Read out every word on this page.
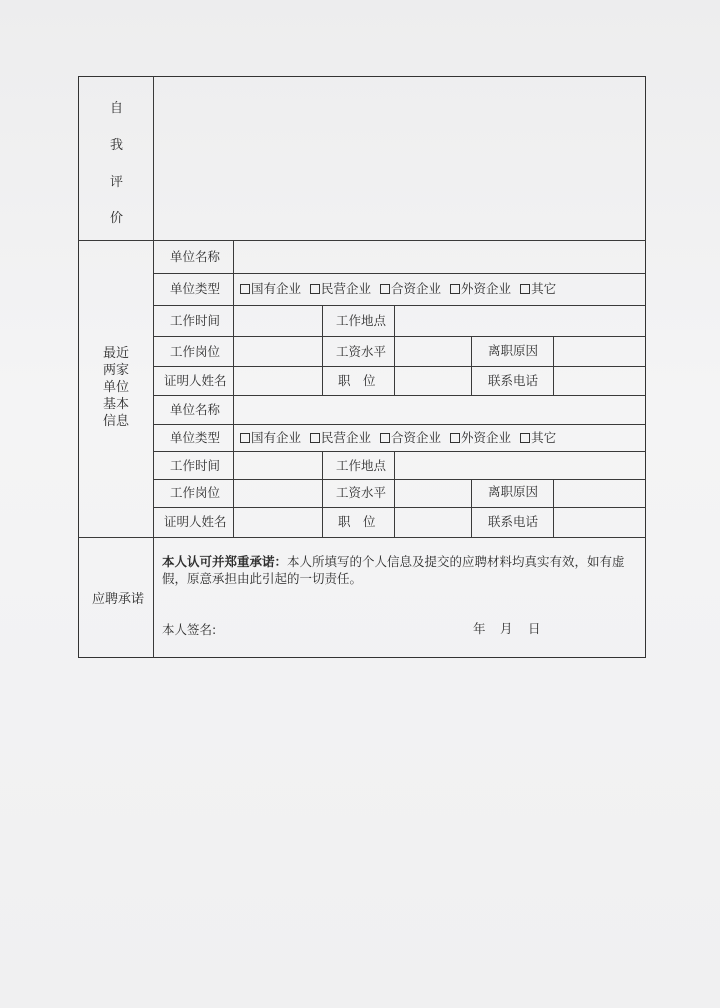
自
我
评
价
最近
两家
单位
基本
信息
单位名称
单位类型	国有企业 民营企业 合资企业 外资企业 其它
工作时间	工作地点
工作岗位	工资水平	离职原因
证明人姓名	职　位	联系电话
单位名称
单位类型	国有企业 民营企业 合资企业 外资企业 其它
工作时间	工作地点
工作岗位	工资水平	离职原因
证明人姓名	职　位	联系电话
应聘承诺
本人认可并郑重承诺：本人所填写的个人信息及提交的应聘材料均真实有效，如有虚假，原意承担由此引起的一切责任。
本人签名:	年 月 日
